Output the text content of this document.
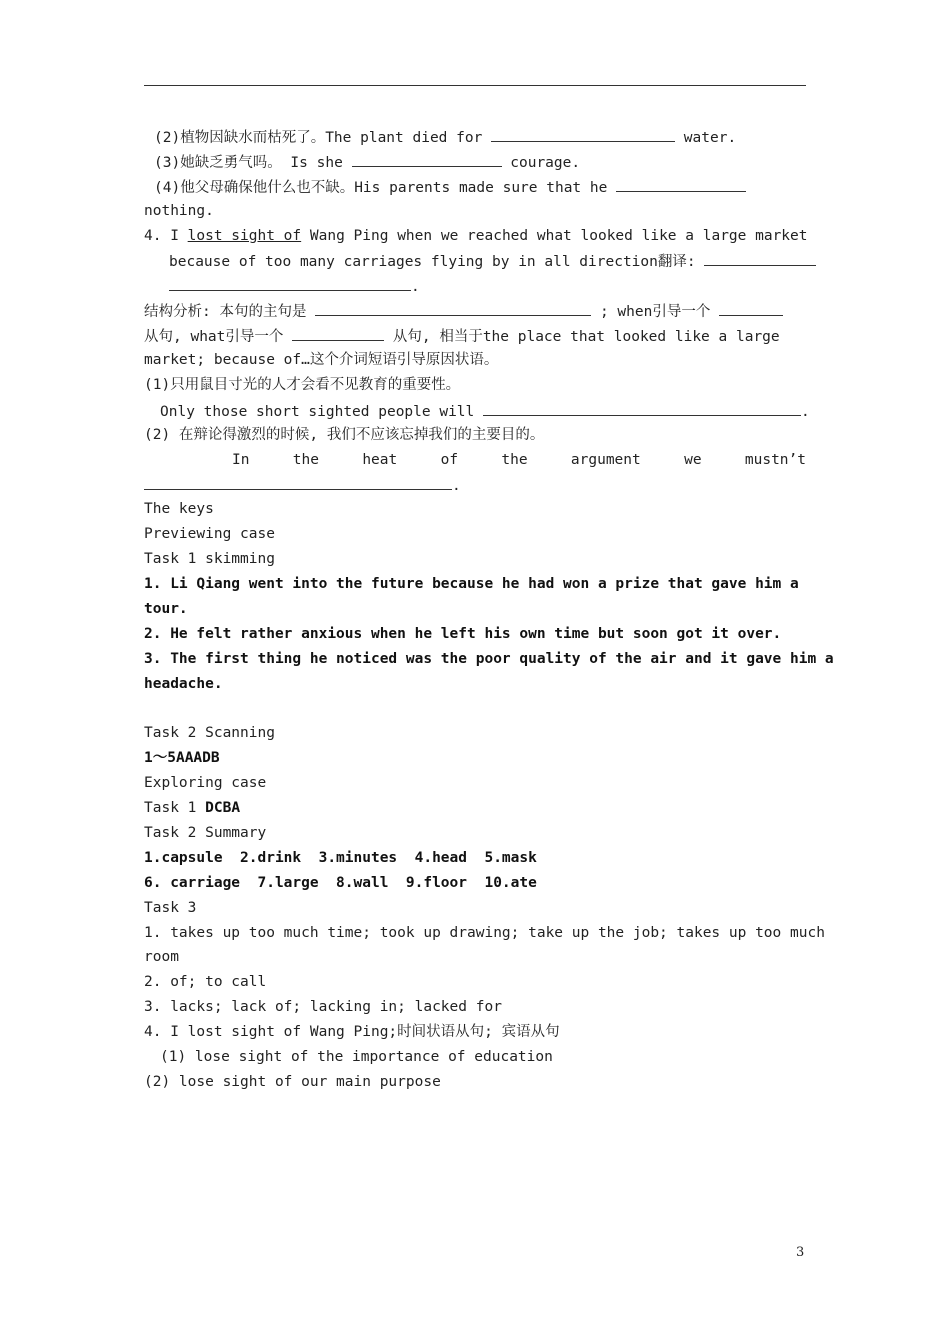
(2)植物因缺水而枯死了。The plant died for	water.
(3)她缺乏勇气吗。 Is she	courage.
(4)他父母确保他什么也不缺。His parents made sure that he
nothing.
4. I lost sight of Wang Ping when we reached what looked like a large market
because of too many carriages flying by in all direction翻译:
.
结构分析: 本句的主句是	; when引导一个
从句, what引导一个	从句, 相当于the place that looked like a large
market; because of…这个介词短语引导原因状语。
(1)只用鼠目寸光的人才会看不见教育的重要性。
Only those short sighted people will	.
(2) 在辩论得激烈的时候, 我们不应该忘掉我们的主要目的。
In the heat of the argument we mustn’t
.
The keys
Previewing case
Task 1 skimming
1. Li Qiang went into the future because he had won a prize that gave him a
tour.
2. He felt rather anxious when he left his own time but soon got it over.
3. The first thing he noticed was the poor quality of the air and it gave him a
headache.
Task 2 Scanning
1～5AAADB
Exploring case
Task 1 DCBA
Task 2 Summary
1.capsule  2.drink  3.minutes  4.head  5.mask
6. carriage  7.large  8.wall  9.floor  10.ate
Task 3
1. takes up too much time; took up drawing; take up the job; takes up too much
room
2. of; to call
3. lacks; lack of; lacking in; lacked for
4. I lost sight of Wang Ping;时间状语从句; 宾语从句
(1) lose sight of the importance of education
(2) lose sight of our main purpose
3
